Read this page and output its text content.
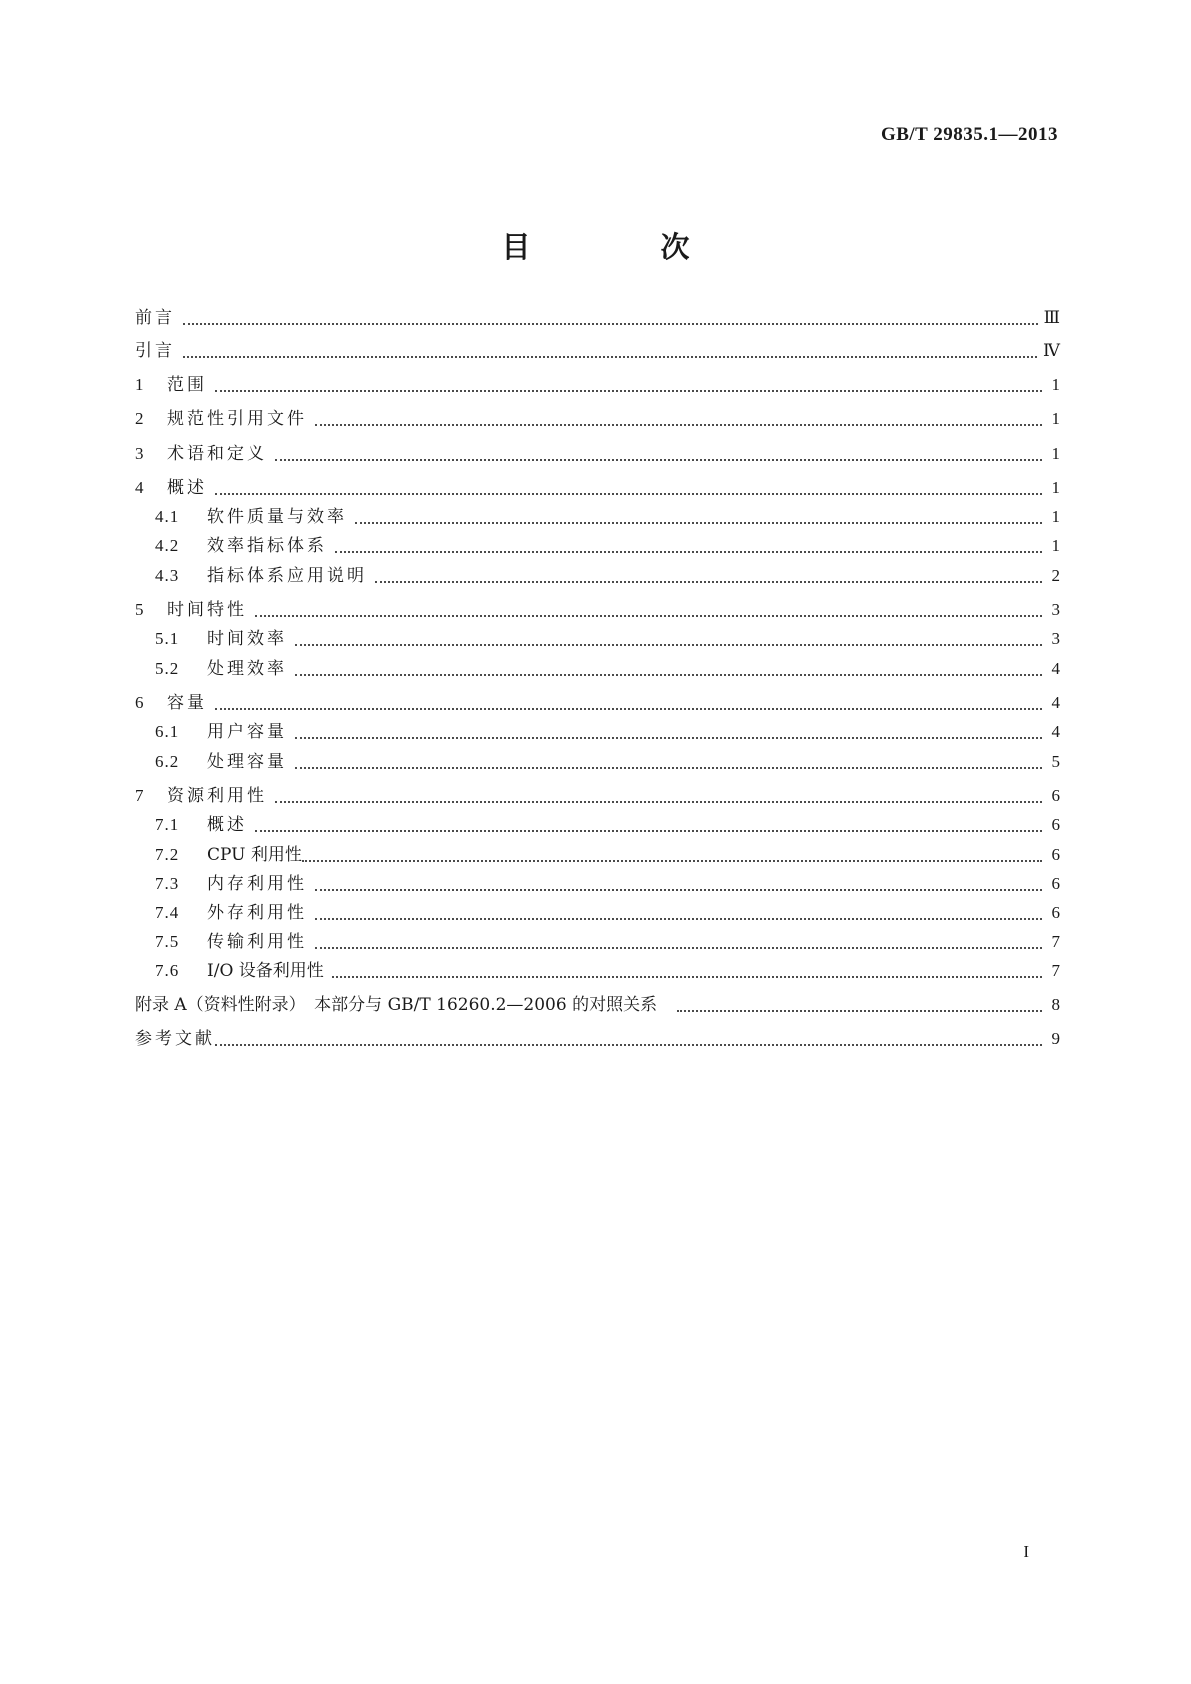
GB/T 29835.1—2013
目 次
前言	Ⅲ
引言	Ⅳ
1	范围	1
2	规范性引用文件	1
3	术语和定义	1
4	概述	1
4.1	软件质量与效率	1
4.2	效率指标体系	1
4.3	指标体系应用说明	2
5	时间特性	3
5.1	时间效率	3
5.2	处理效率	4
6	容量	4
6.1	用户容量	4
6.2	处理容量	5
7	资源利用性	6
7.1	概述	6
7.2	CPU 利用性	6
7.3	内存利用性	6
7.4	外存利用性	6
7.5	传输利用性	7
7.6	I/O 设备利用性	7
附录 A（资料性附录）　本部分与 GB/T 16260.2—2006 的对照关系	8
参考文献	9
I
